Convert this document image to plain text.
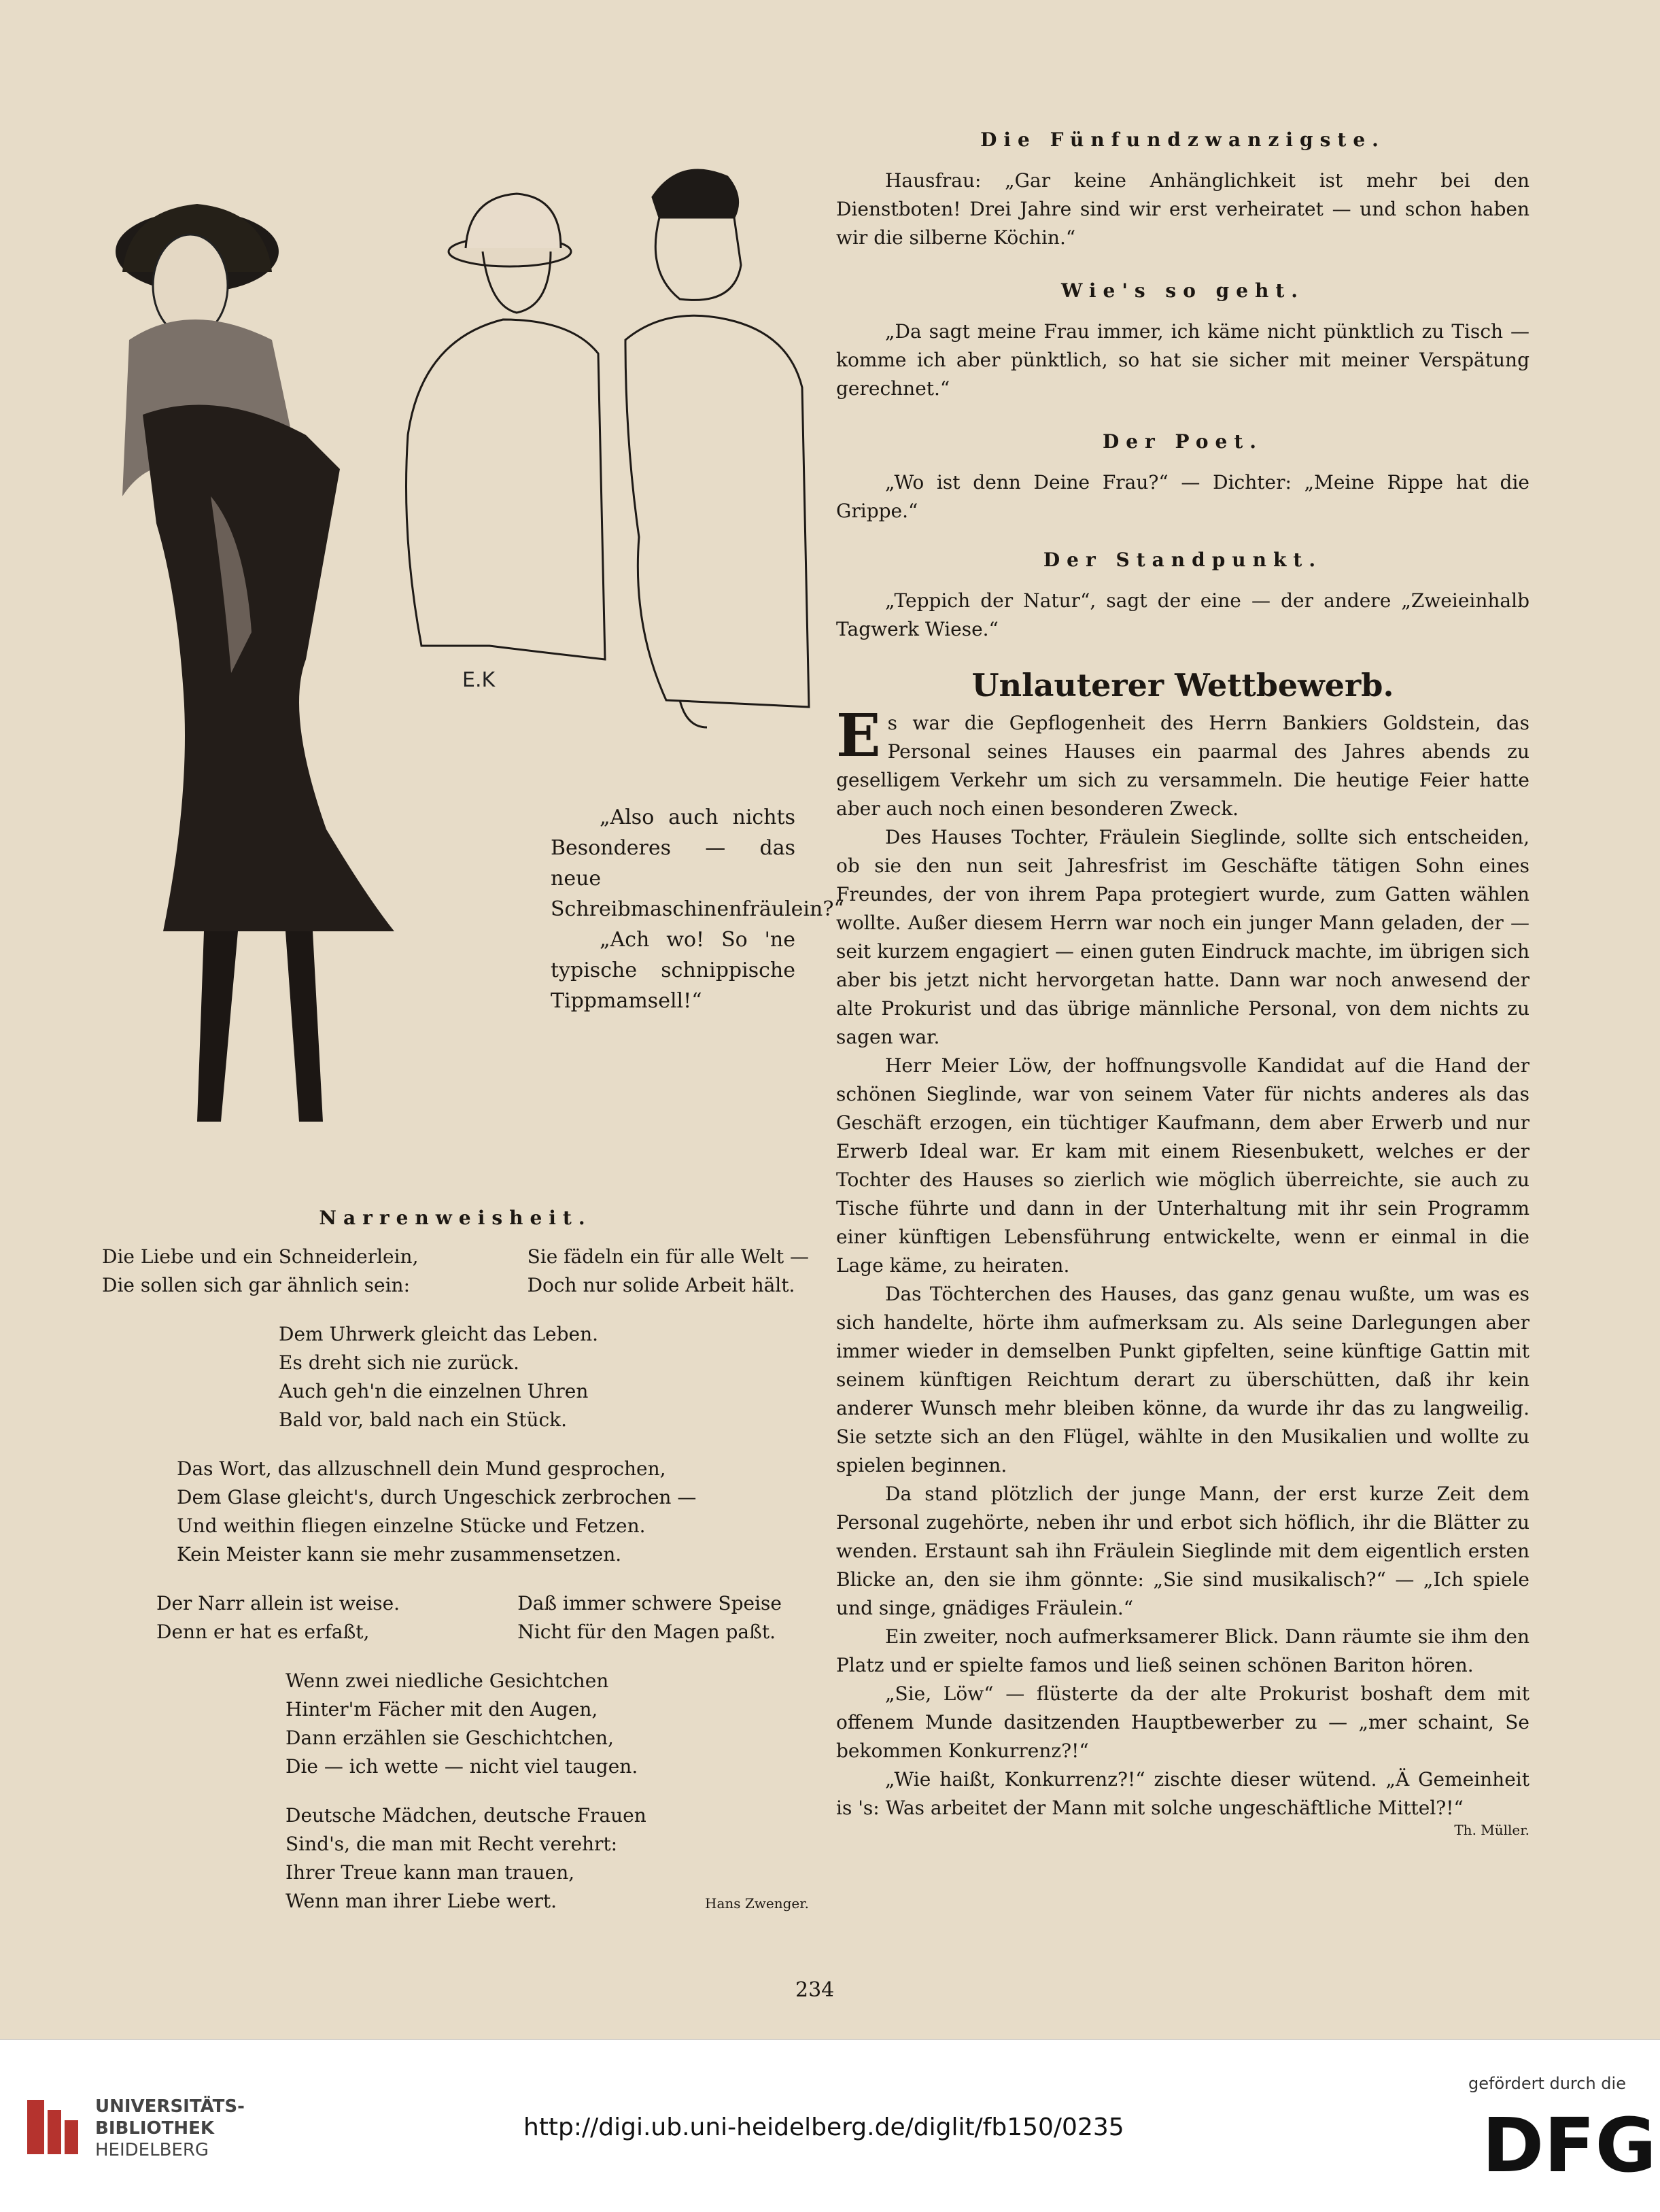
E.K

„Also auch nichts Besonderes — das neue Schreibmaschinenfräulein?“

„Ach wo! So 'ne typische schnippische Tippmamsell!“

Narrenweisheit.
Die Liebe und ein Schneiderlein,
Die sollen sich gar ähnlich sein:
Sie fädeln ein für alle Welt —
Doch nur solide Arbeit hält.
Dem Uhrwerk gleicht das Leben.
Es dreht sich nie zurück.
Auch geh'n die einzelnen Uhren
Bald vor, bald nach ein Stück.
Das Wort, das allzuschnell dein Mund gesprochen,
Dem Glase gleicht's, durch Ungeschick zerbrochen —
Und weithin fliegen einzelne Stücke und Fetzen.
Kein Meister kann sie mehr zusammensetzen.
Der Narr allein ist weise.
Denn er hat es erfaßt,
Daß immer schwere Speise
Nicht für den Magen paßt.
Wenn zwei niedliche Gesichtchen
Hinter'm Fächer mit den Augen,
Dann erzählen sie Geschichtchen,
Die — ich wette — nicht viel taugen.
Deutsche Mädchen, deutsche Frauen
Sind's, die man mit Recht verehrt:
Ihrer Treue kann man trauen,
Wenn man ihrer Liebe wert.	Hans Zwenger.
Die Fünfundzwanzigste.

Hausfrau: „Gar keine Anhänglichkeit ist mehr bei den Dienstboten! Drei Jahre sind wir erst verheiratet — und schon haben wir die silberne Köchin.“

Wie's so geht.

„Da sagt meine Frau immer, ich käme nicht pünktlich zu Tisch — komme ich aber pünktlich, so hat sie sicher mit meiner Verspätung gerechnet.“

Der Poet.

„Wo ist denn Deine Frau?“ — Dichter: „Meine Rippe hat die Grippe.“

Der Standpunkt.

„Teppich der Natur“, sagt der eine — der andere „Zweieinhalb Tagwerk Wiese.“

Unlauterer Wettbewerb.

E s war die Gepflogenheit des Herrn Bankiers Goldstein, das Personal seines Hauses ein paarmal des Jahres abends zu geselligem Verkehr um sich zu versammeln. Die heutige Feier hatte aber auch noch einen besonderen Zweck.

Des Hauses Tochter, Fräulein Sieglinde, sollte sich entscheiden, ob sie den nun seit Jahresfrist im Geschäfte tätigen Sohn eines Freundes, der von ihrem Papa protegiert wurde, zum Gatten wählen wollte. Außer diesem Herrn war noch ein junger Mann geladen, der — seit kurzem engagiert — einen guten Eindruck machte, im übrigen sich aber bis jetzt nicht hervorgetan hatte. Dann war noch anwesend der alte Prokurist und das übrige männliche Personal, von dem nichts zu sagen war.

Herr Meier Löw, der hoffnungsvolle Kandidat auf die Hand der schönen Sieglinde, war von seinem Vater für nichts anderes als das Geschäft erzogen, ein tüchtiger Kaufmann, dem aber Erwerb und nur Erwerb Ideal war. Er kam mit einem Riesenbukett, welches er der Tochter des Hauses so zierlich wie möglich überreichte, sie auch zu Tische führte und dann in der Unterhaltung mit ihr sein Programm einer künftigen Lebensführung entwickelte, wenn er einmal in die Lage käme, zu heiraten.

Das Töchterchen des Hauses, das ganz genau wußte, um was es sich handelte, hörte ihm aufmerksam zu. Als seine Darlegungen aber immer wieder in demselben Punkt gipfelten, seine künftige Gattin mit seinem künftigen Reichtum derart zu überschütten, daß ihr kein anderer Wunsch mehr bleiben könne, da wurde ihr das zu langweilig. Sie setzte sich an den Flügel, wählte in den Musikalien und wollte zu spielen beginnen.

Da stand plötzlich der junge Mann, der erst kurze Zeit dem Personal zugehörte, neben ihr und erbot sich höflich, ihr die Blätter zu wenden. Erstaunt sah ihn Fräulein Sieglinde mit dem eigentlich ersten Blicke an, den sie ihm gönnte: „Sie sind musikalisch?“ — „Ich spiele und singe, gnädiges Fräulein.“

Ein zweiter, noch aufmerksamerer Blick. Dann räumte sie ihm den Platz und er spielte famos und ließ seinen schönen Bariton hören.

„Sie, Löw“ — flüsterte da der alte Prokurist boshaft dem mit offenem Munde dasitzenden Hauptbewerber zu — „mer schaint, Se bekommen Konkurrenz?!“

„Wie haißt, Konkurrenz?!“ zischte dieser wütend. „Ä Gemeinheit is 's: Was arbeitet der Mann mit solche ungeschäftliche Mittel?!“

Th. Müller.
234
UNIVERSITÄTS-
BIBLIOTHEK
HEIDELBERG
http://digi.ub.uni-heidelberg.de/diglit/fb150/0235
gefördert durch die
DFG
